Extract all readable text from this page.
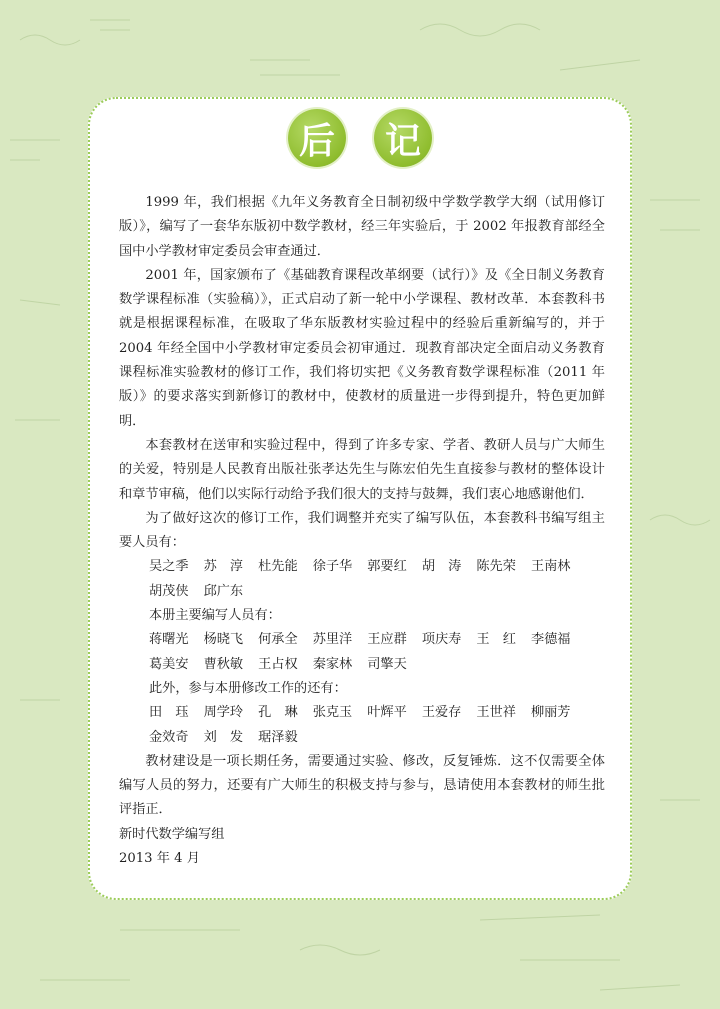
后	记

1999 年，我们根据《九年义务教育全日制初级中学数学教学大纲（试用修订版）》，编写了一套华东版初中数学教材，经三年实验后，于 2002 年报教育部经全国中小学教材审定委员会审查通过．

2001 年，国家颁布了《基础教育课程改革纲要（试行）》及《全日制义务教育数学课程标准（实验稿）》，正式启动了新一轮中小学课程、教材改革．本套教科书就是根据课程标准，在吸取了华东版教材实验过程中的经验后重新编写的，并于 2004 年经全国中小学教材审定委员会初审通过．现教育部决定全面启动义务教育课程标准实验教材的修订工作，我们将切实把《义务教育数学课程标准（2011 年版）》的要求落实到新修订的教材中，使教材的质量进一步得到提升，特色更加鲜明．

本套教材在送审和实验过程中，得到了许多专家、学者、教研人员与广大师生的关爱，特别是人民教育出版社张孝达先生与陈宏伯先生直接参与教材的整体设计和章节审稿，他们以实际行动给予我们很大的支持与鼓舞，我们衷心地感谢他们．

为了做好这次的修订工作，我们调整并充实了编写队伍，本套教科书编写组主要人员有：

吴之季 苏　淳 杜先能 徐子华 郭要红 胡　涛 陈先荣 王南林
胡茂侠 邱广东

本册主要编写人员有：

蒋曙光 杨晓飞 何承全 苏里洋 王应群 项庆寿 王　红 李德福
葛美安 曹秋敏 王占权 秦家林 司擎天

此外，参与本册修改工作的还有：

田　珏 周学玲 孔　琳 张克玉 叶辉平 王爱存 王世祥 柳丽芳
金效奇 刘　发 琚泽毅

教材建设是一项长期任务，需要通过实验、修改，反复锤炼．这不仅需要全体编写人员的努力，还要有广大师生的积极支持与参与，恳请使用本套教材的师生批评指正．

新时代数学编写组

2013 年 4 月
